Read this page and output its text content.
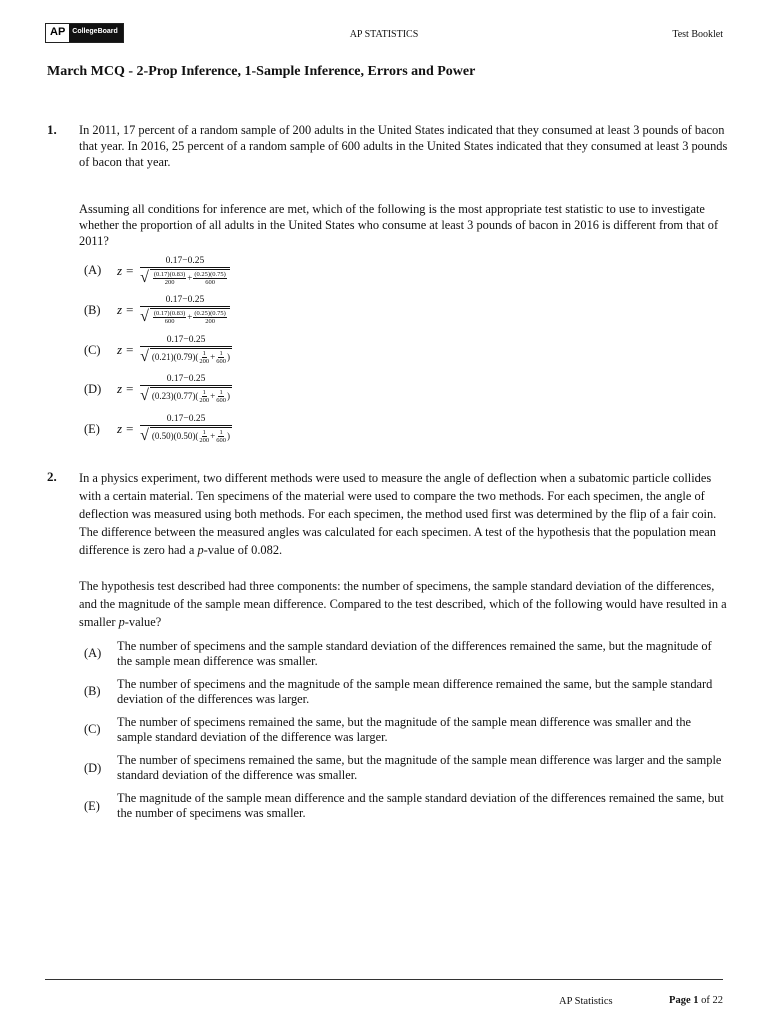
AP	CollegeBoard	AP STATISTICS	Test Booklet
March MCQ - 2-Prop Inference, 1-Sample Inference, Errors and Power
1. In 2011, 17 percent of a random sample of 200 adults in the United States indicated that they consumed at least 3 pounds of bacon that year. In 2016, 25 percent of a random sample of 600 adults in the United States indicated that they consumed at least 3 pounds of bacon that year.
Assuming all conditions for inference are met, which of the following is the most appropriate test statistic to use to investigate whether the proportion of all adults in the United States who consume at least 3 pounds of bacon in 2016 is different from that of 2011?
(A) z = 0.17−0.25
√ (0.17)(0.83)
200 + (0.25)(0.75)
600
(B) z = 0.17−0.25
√ (0.17)(0.83)
600 + (0.25)(0.75)
200
(C) z = 0.17−0.25
√ (0.21)(0.79) ( 1
$200 + \frac{1}{600}$ )
(D) z = 0.17−0.25
√ (0.23)(0.77) ( 1
$200 + \frac{1}{600}$ )
(E) z = 0.17−0.25
√ (0.50)(0.50) ( 1
$200 + \frac{1}{600}$ )
2. In a physics experiment, two different methods were used to measure the angle of deflection when a subatomic particle collides with a certain material. Ten specimens of the material were used to compare the two methods. For each specimen, the angle of deflection was measured using both methods. For each specimen, the method used first was determined by the flip of a fair coin. The difference between the measured angles was calculated for each specimen. A test of the hypothesis that the population mean difference is zero had a p-value of 0.082.
The hypothesis test described had three components: the number of specimens, the sample standard deviation of the differences, and the magnitude of the sample mean difference. Compared to the test described, which of the following would have resulted in a smaller p-value?
(A) The number of specimens and the sample standard deviation of the differences remained the same, but the magnitude of the sample mean difference was smaller.
(B) The number of specimens and the magnitude of the sample mean difference remained the same, but the sample standard deviation of the differences was larger.
(C) The number of specimens remained the same, but the magnitude of the sample mean difference was smaller and the sample standard deviation of the difference was larger.
(D)
The number of specimens remained the same, but the magnitude of the sample mean difference was larger and the sample standard deviation of the difference was smaller.
(E)
The magnitude of the sample mean difference and the sample standard deviation of the differences remained the same, but the number of specimens was smaller.
AP Statistics	Page 1 of 22
